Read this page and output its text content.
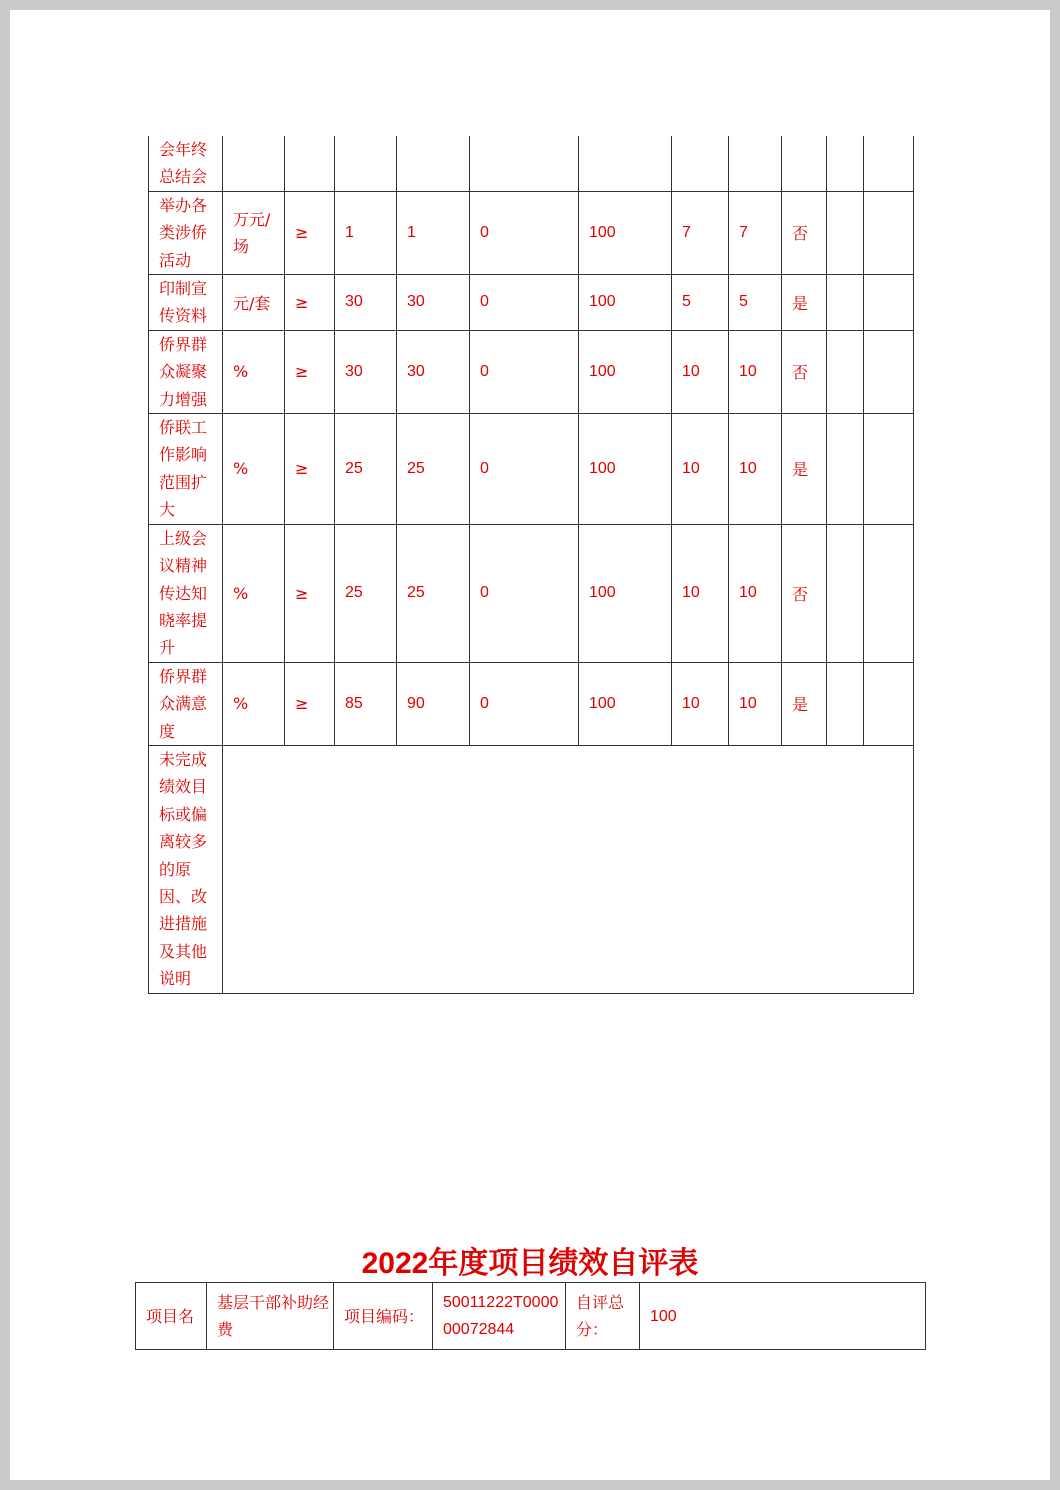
会年终总结会											
举办各类涉侨活动	万元/场	≥	1	1	0	100	7	7	否		
印制宣传资料	元/套	≥	30	30	0	100	5	5	是		
侨界群众凝聚力增强	%	≥	30	30	0	100	10	10	否		
侨联工作影响范围扩大	%	≥	25	25	0	100	10	10	是		
上级会议精神传达知晓率提升	%	≥	25	25	0	100	10	10	否		
侨界群众满意度	%	≥	85	90	0	100	10	10	是		
未完成绩效目标或偏离较多的原因、改进措施及其他说明											
2022年度项目绩效自评表
项目名	基层干部补助经费	项目编码：	50011222T000000072844	自评总分：	100
